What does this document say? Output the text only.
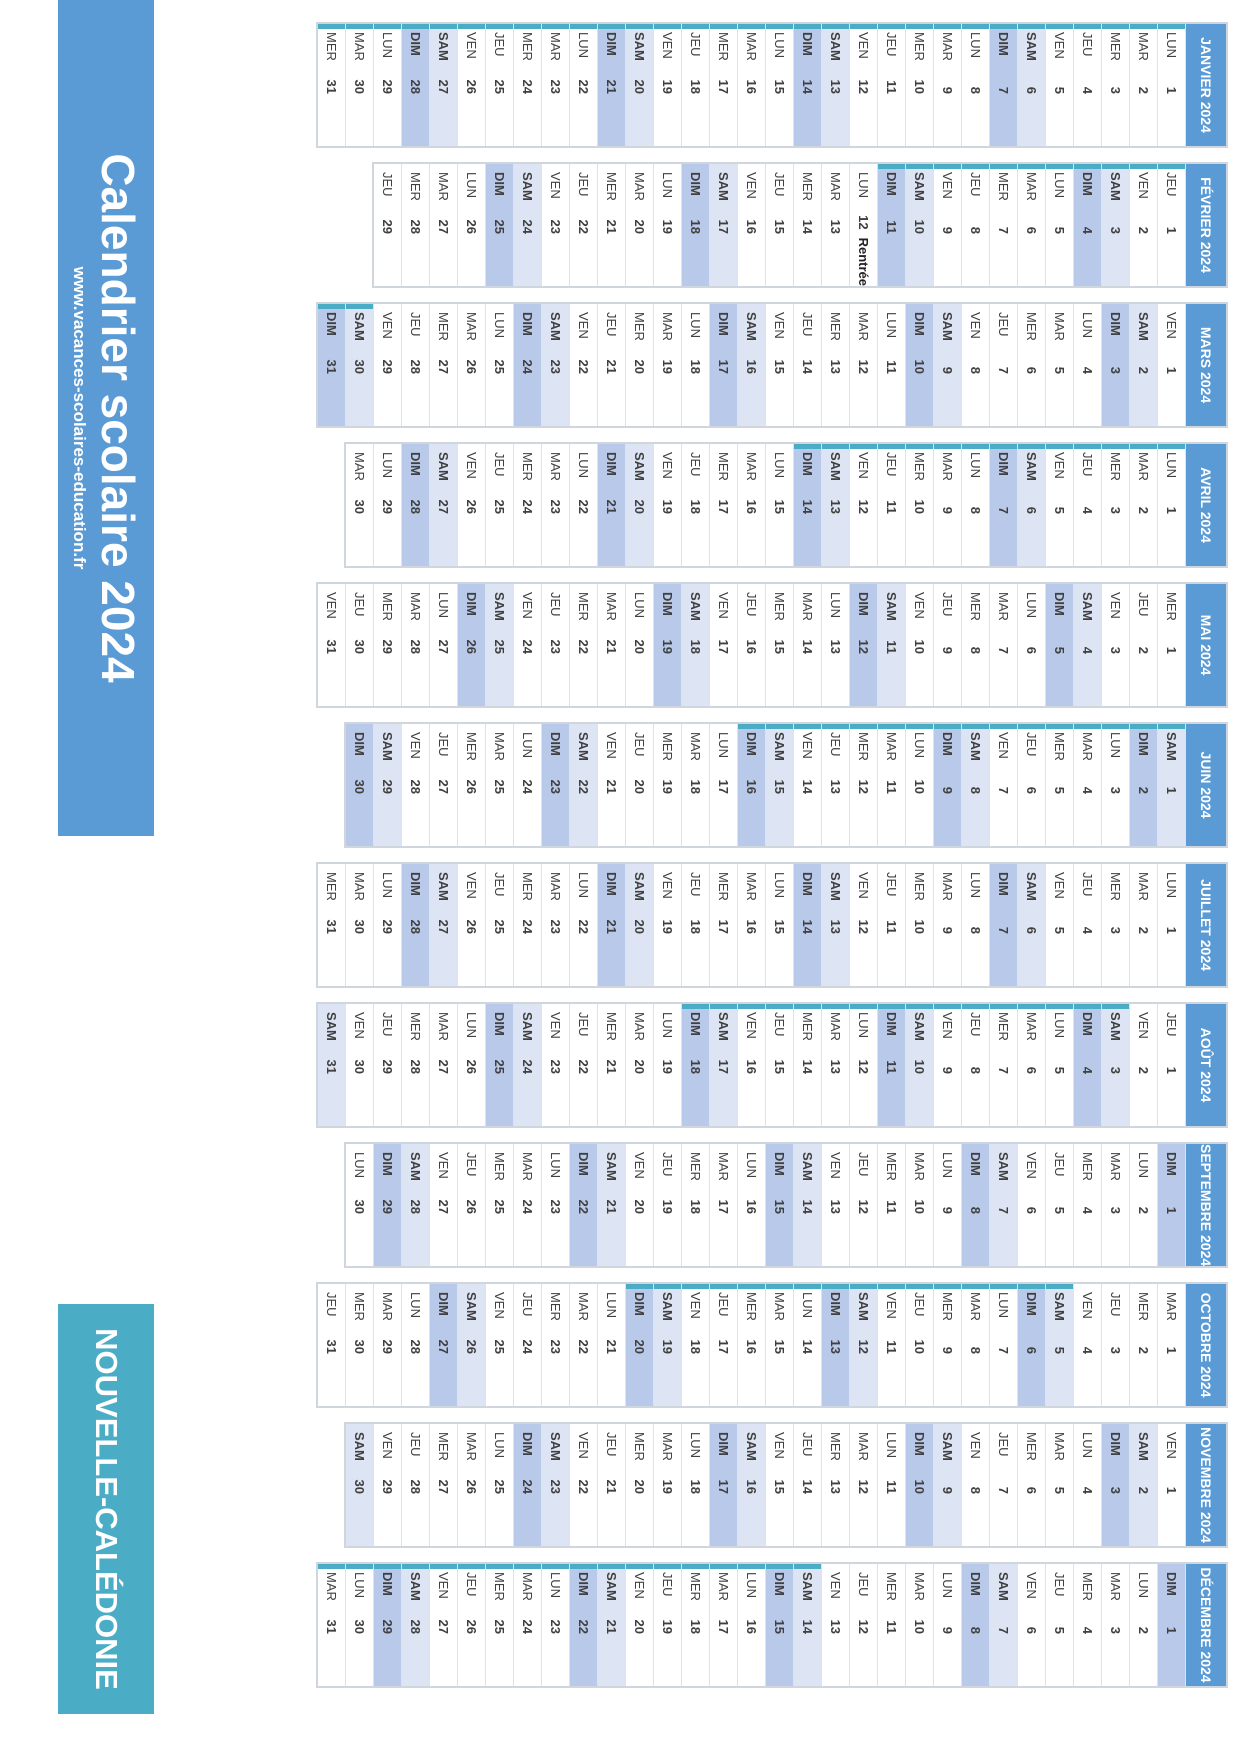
JANVIER 2024
LUN
1
MAR
2
MER
3
JEU
4
VEN
5
SAM
6
DIM
7
LUN
8
MAR
9
MER
10
JEU
11
VEN
12
SAM
13
DIM
14
LUN
15
MAR
16
MER
17
JEU
18
VEN
19
SAM
20
DIM
21
LUN
22
MAR
23
MER
24
JEU
25
VEN
26
SAM
27
DIM
28
LUN
29
MAR
30
MER
31
FÉVRIER 2024
JEU
1
VEN
2
SAM
3
DIM
4
LUN
5
MAR
6
MER
7
JEU
8
VEN
9
SAM
10
DIM
11
LUN
12
Rentrée
MAR
13
MER
14
JEU
15
VEN
16
SAM
17
DIM
18
LUN
19
MAR
20
MER
21
JEU
22
VEN
23
SAM
24
DIM
25
LUN
26
MAR
27
MER
28
JEU
29
MARS 2024
VEN
1
SAM
2
DIM
3
LUN
4
MAR
5
MER
6
JEU
7
VEN
8
SAM
9
DIM
10
LUN
11
MAR
12
MER
13
JEU
14
VEN
15
SAM
16
DIM
17
LUN
18
MAR
19
MER
20
JEU
21
VEN
22
SAM
23
DIM
24
LUN
25
MAR
26
MER
27
JEU
28
VEN
29
SAM
30
DIM
31
AVRIL 2024
LUN
1
MAR
2
MER
3
JEU
4
VEN
5
SAM
6
DIM
7
LUN
8
MAR
9
MER
10
JEU
11
VEN
12
SAM
13
DIM
14
LUN
15
MAR
16
MER
17
JEU
18
VEN
19
SAM
20
DIM
21
LUN
22
MAR
23
MER
24
JEU
25
VEN
26
SAM
27
DIM
28
LUN
29
MAR
30
MAI 2024
MER
1
JEU
2
VEN
3
SAM
4
DIM
5
LUN
6
MAR
7
MER
8
JEU
9
VEN
10
SAM
11
DIM
12
LUN
13
MAR
14
MER
15
JEU
16
VEN
17
SAM
18
DIM
19
LUN
20
MAR
21
MER
22
JEU
23
VEN
24
SAM
25
DIM
26
LUN
27
MAR
28
MER
29
JEU
30
VEN
31
JUIN 2024
SAM
1
DIM
2
LUN
3
MAR
4
MER
5
JEU
6
VEN
7
SAM
8
DIM
9
LUN
10
MAR
11
MER
12
JEU
13
VEN
14
SAM
15
DIM
16
LUN
17
MAR
18
MER
19
JEU
20
VEN
21
SAM
22
DIM
23
LUN
24
MAR
25
MER
26
JEU
27
VEN
28
SAM
29
DIM
30
JUILLET 2024
LUN
1
MAR
2
MER
3
JEU
4
VEN
5
SAM
6
DIM
7
LUN
8
MAR
9
MER
10
JEU
11
VEN
12
SAM
13
DIM
14
LUN
15
MAR
16
MER
17
JEU
18
VEN
19
SAM
20
DIM
21
LUN
22
MAR
23
MER
24
JEU
25
VEN
26
SAM
27
DIM
28
LUN
29
MAR
30
MER
31
AOÛT 2024
JEU
1
VEN
2
SAM
3
DIM
4
LUN
5
MAR
6
MER
7
JEU
8
VEN
9
SAM
10
DIM
11
LUN
12
MAR
13
MER
14
JEU
15
VEN
16
SAM
17
DIM
18
LUN
19
MAR
20
MER
21
JEU
22
VEN
23
SAM
24
DIM
25
LUN
26
MAR
27
MER
28
JEU
29
VEN
30
SAM
31
SEPTEMBRE 2024
DIM
1
LUN
2
MAR
3
MER
4
JEU
5
VEN
6
SAM
7
DIM
8
LUN
9
MAR
10
MER
11
JEU
12
VEN
13
SAM
14
DIM
15
LUN
16
MAR
17
MER
18
JEU
19
VEN
20
SAM
21
DIM
22
LUN
23
MAR
24
MER
25
JEU
26
VEN
27
SAM
28
DIM
29
LUN
30
OCTOBRE 2024
MAR
1
MER
2
JEU
3
VEN
4
SAM
5
DIM
6
LUN
7
MAR
8
MER
9
JEU
10
VEN
11
SAM
12
DIM
13
LUN
14
MAR
15
MER
16
JEU
17
VEN
18
SAM
19
DIM
20
LUN
21
MAR
22
MER
23
JEU
24
VEN
25
SAM
26
DIM
27
LUN
28
MAR
29
MER
30
JEU
31
NOVEMBRE 2024
VEN
1
SAM
2
DIM
3
LUN
4
MAR
5
MER
6
JEU
7
VEN
8
SAM
9
DIM
10
LUN
11
MAR
12
MER
13
JEU
14
VEN
15
SAM
16
DIM
17
LUN
18
MAR
19
MER
20
JEU
21
VEN
22
SAM
23
DIM
24
LUN
25
MAR
26
MER
27
JEU
28
VEN
29
SAM
30
DÉCEMBRE 2024
DIM
1
LUN
2
MAR
3
MER
4
JEU
5
VEN
6
SAM
7
DIM
8
LUN
9
MAR
10
MER
11
JEU
12
VEN
13
SAM
14
DIM
15
LUN
16
MAR
17
MER
18
JEU
19
VEN
20
SAM
21
DIM
22
LUN
23
MAR
24
MER
25
JEU
26
VEN
27
SAM
28
DIM
29
LUN
30
MAR
31
Calendrier scolaire 2024
www.vacances-scolaires-education.fr
NOUVELLE-CALÉDONIE
